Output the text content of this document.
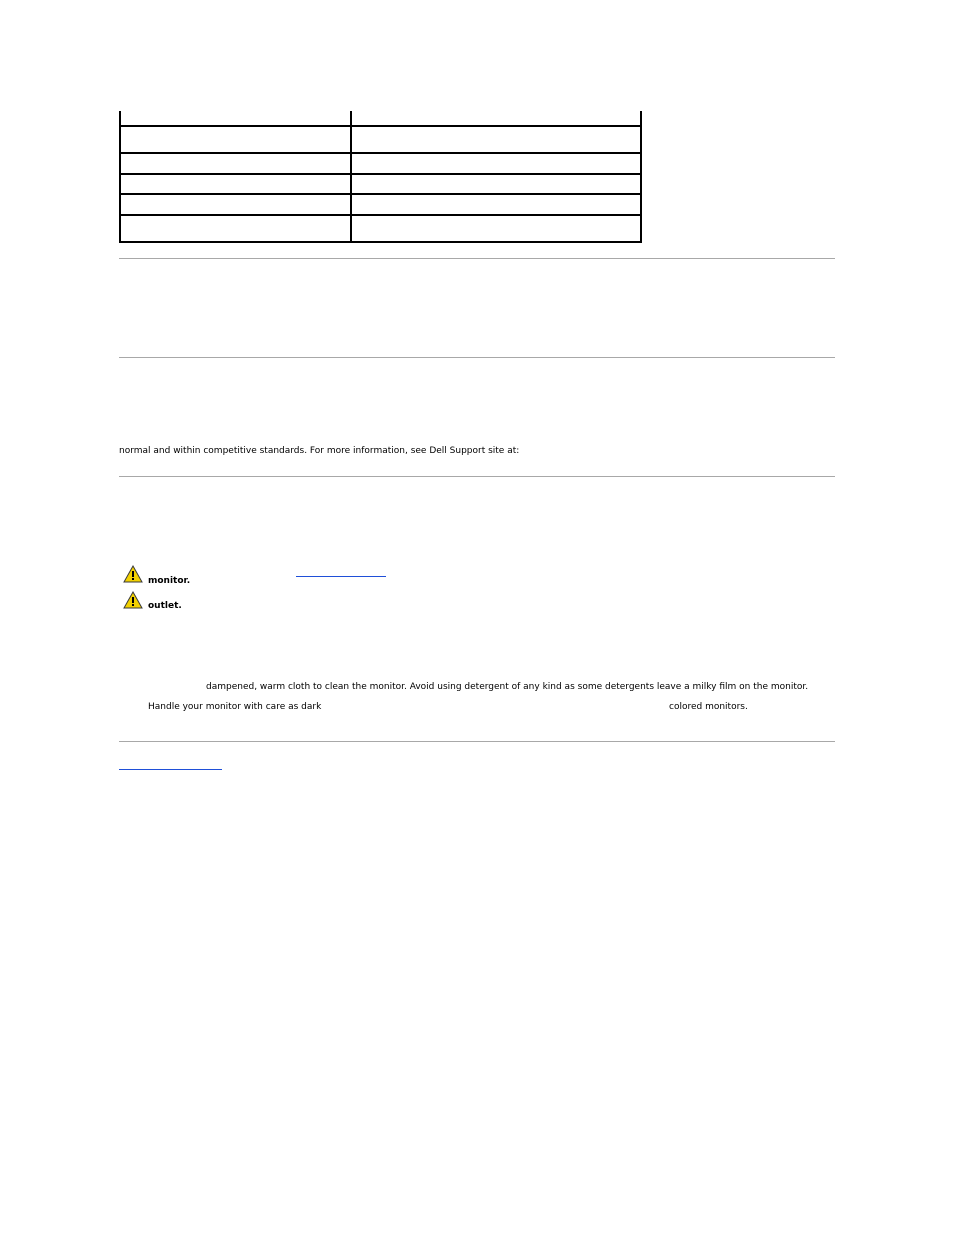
normal and within competitive standards. For more information, see Dell Support site at:
monitor.
outlet.
dampened, warm cloth to clean the monitor. Avoid using detergent of any kind as some detergents leave a milky film on the monitor.
Handle your monitor with care as dark	colored monitors.
